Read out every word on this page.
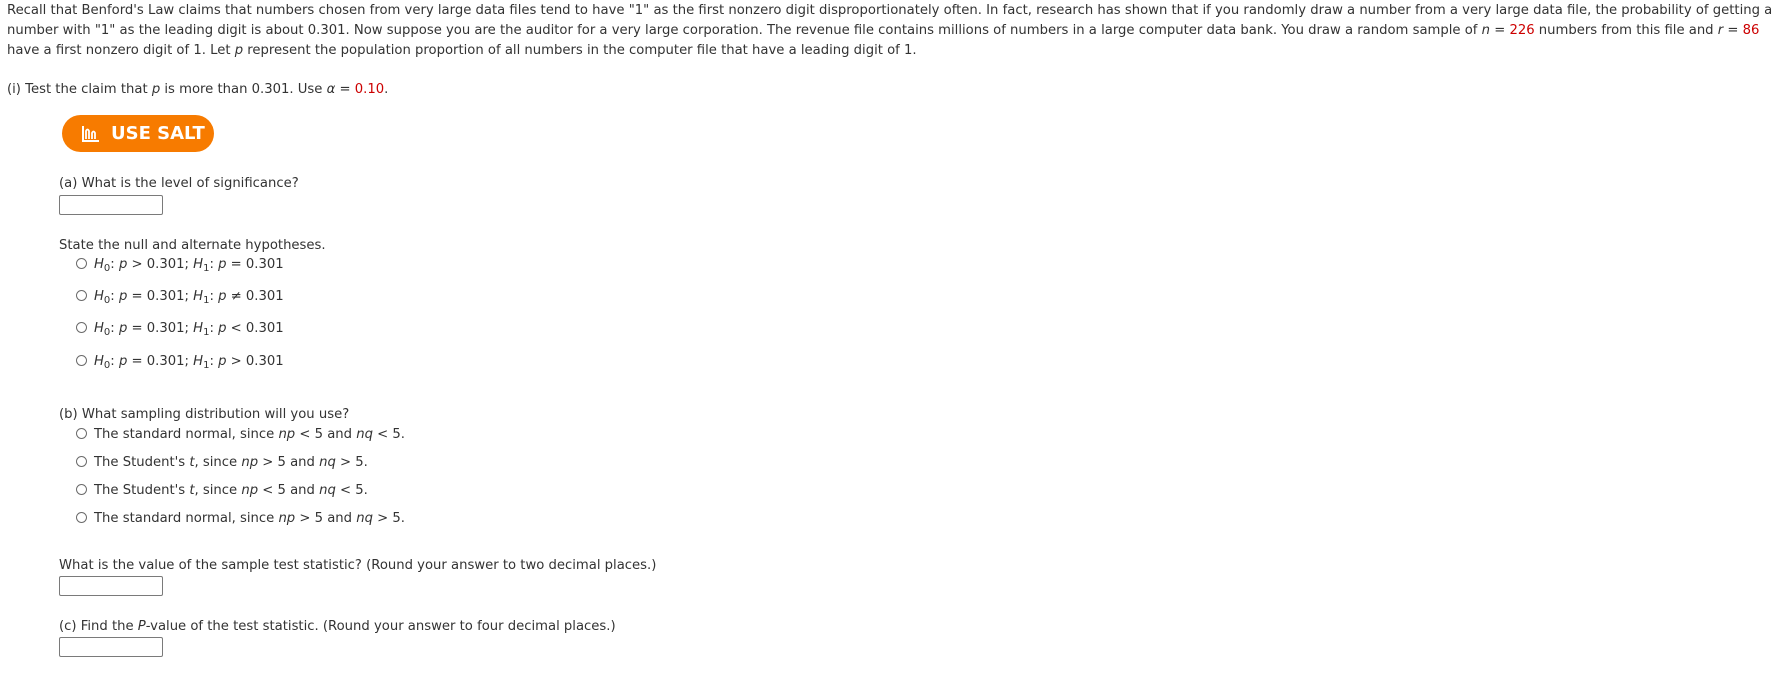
Recall that Benford's Law claims that numbers chosen from very large data files tend to have "1" as the first nonzero digit disproportionately often. In fact, research has shown that if you randomly draw a number from a very large data file, the probability of getting a number with "1" as the leading digit is about 0.301. Now suppose you are the auditor for a very large corporation. The revenue file contains millions of numbers in a large computer data bank. You draw a random sample of n = 226 numbers from this file and r = 86 have a first nonzero digit of 1. Let p represent the population proportion of all numbers in the computer file that have a leading digit of 1.
(i) Test the claim that p is more than 0.301. Use α = 0.10.
USE SALT
(a) What is the level of significance?
State the null and alternate hypotheses.
$H_0$: p > 0.301; $H_1$: p = 0.301
$H_0$: p = 0.301; $H_1$: p ≠ 0.301
$H_0$: p = 0.301; $H_1$: p < 0.301
$H_0$: p = 0.301; $H_1$: p > 0.301
(b) What sampling distribution will you use?
The standard normal, since np < 5 and nq < 5.
The Student's t, since np > 5 and nq > 5.
The Student's t, since np < 5 and nq < 5.
The standard normal, since np > 5 and nq > 5.
What is the value of the sample test statistic? (Round your answer to two decimal places.)
(c) Find the P-value of the test statistic. (Round your answer to four decimal places.)
